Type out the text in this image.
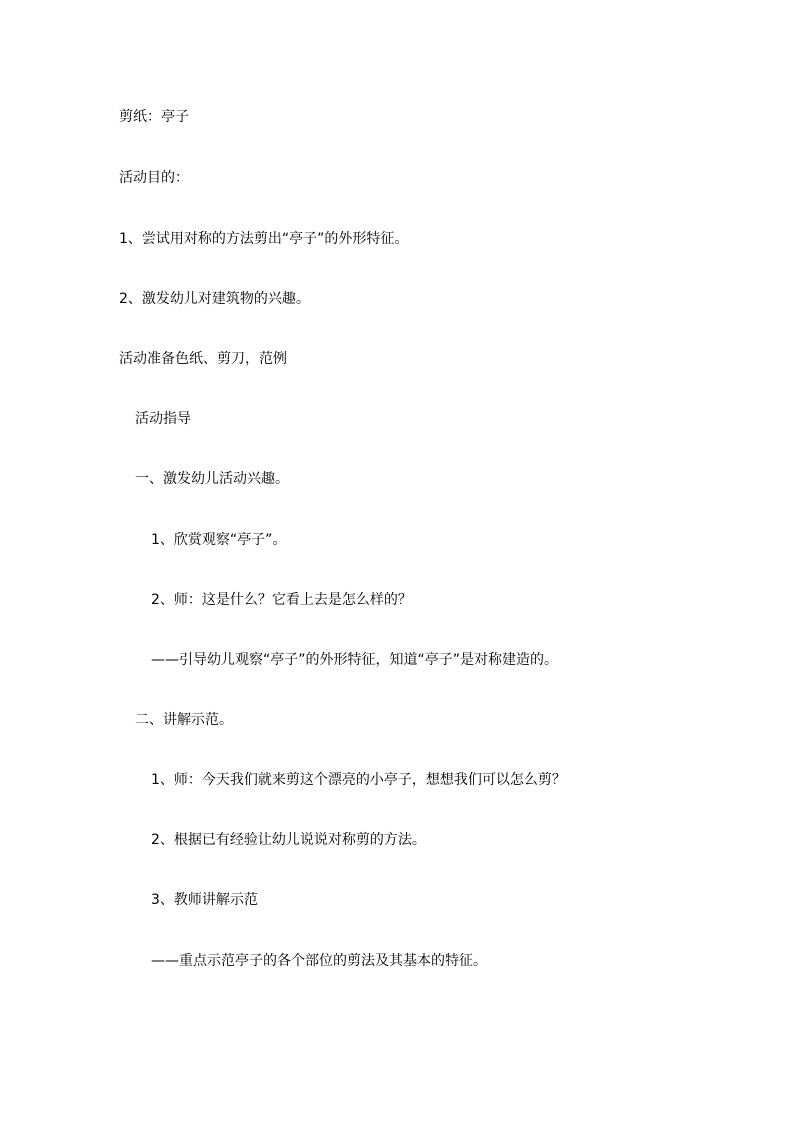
剪纸：亭子

活动目的：

1、尝试用对称的方法剪出“亭子”的外形特征。

2、激发幼儿对建筑物的兴趣。

活动准备色纸、剪刀，范例

活动指导

一、激发幼儿活动兴趣。

1、欣赏观察“亭子”。

2、师：这是什么？它看上去是怎么样的？

——引导幼儿观察“亭子”的外形特征，知道“亭子”是对称建造的。

二、讲解示范。

1、师：今天我们就来剪这个漂亮的小亭子，想想我们可以怎么剪？

2、根据已有经验让幼儿说说对称剪的方法。

3、教师讲解示范

——重点示范亭子的各个部位的剪法及其基本的特征。
